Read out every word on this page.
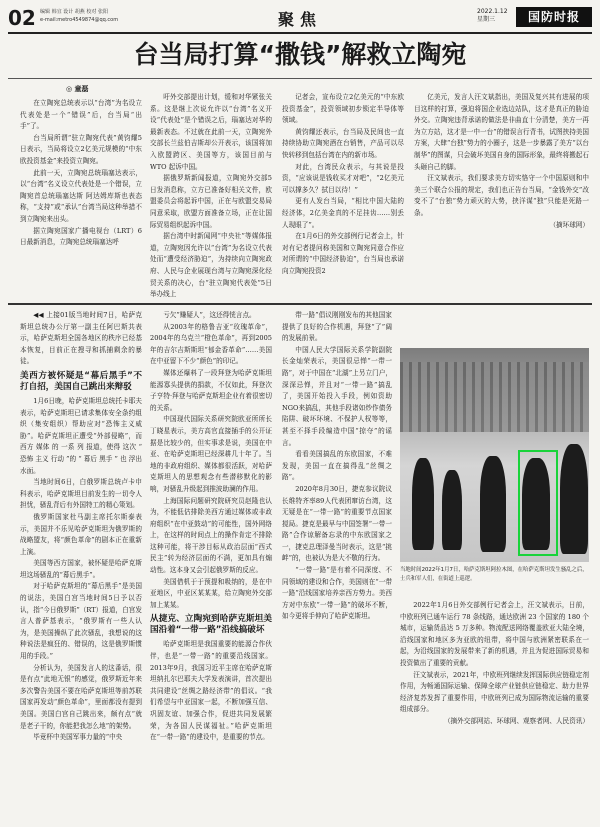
02 编辑 韩宜 设计 胡燕 校对 张阳
e-mail:metro4549874@qq.com	聚焦	2022.1.12
星期三	国防时报
台当局打算“撒钱”解救立陶宛
◎ 童磊

在立陶宛总统表示以“台湾”为名设立代表处是一个“错误”后，台当局“出手”了。

台当局所谓“驻立陶宛代表”黄钧耀5日表示，当局将设立2亿美元规模的“中东欧投资基金”来投资立陶宛。

此前一天，立陶宛总统瑙塞达表示，以“台湾”名义设立代表处是一个错误，立陶宛首总统瑙塞达斯 阿达姆库斯也表态称，“支持”或“承认”台湾当局这种举措不到立陶宛来出头。

据立陶宛国家广播电视台（LRT）6日最新消息，立陶宛总统瑙塞达呼

吁外交部提出计划，缓和对华紧张关系。这是继上次说允许以“台湾”名义开设“代表处”是个错误之后，瑙塞达对华的最新表态。不过就在此前一天，立陶宛外交部长兰兹伯吉斯却公开表示，该国将加入欧盟跨区、美国等方，该国目前与 WTO 起诉中国。

据俄罗斯新闻报道，立陶宛外交部5日发消息称，立方已准备好相关文件，欧盟委员会将起诉中国，正在与欧盟交易局同意采取，欧盟方面准备立场，正在让国际贸易组织起诉中国。

据台湾中时新闻网“中央社”等媒体报道，立陶宛因允许以“台湾”为名设立代表处而“遭受经济胁迫”，为持续向立陶宛政府、人民与企业展现台湾与立陶宛深化经贸关系的决心，台“驻立陶宛代表处”5日举办线上

记者会，宣布设立2亿美元的“中东欧投资基金”，投资领域初步锁定半导体等领域。

黄钧耀还表示，台当局及民间也一直持续协助立陶宛酒在台销售，产品可以尽快转移到包括台湾在内的新市场。

对此，台湾民众表示，与其说是投资，“应该说是钱收买才对吧”，“2亿美元可以撑多久？拭目以待！”

更有人发台当局，“相比中国大陆的经济体，2亿美金真的不足挂齿……别丢人现眼了”。

在1月6日的外交部例行记者会上，针对有记者提问称美国和立陶宛同意合作应对所谓的“中国经济胁迫”，台当局也承诺向立陶宛投资2

亿美元，发言人汪文斌指出，美国及复兴其有进展的项目这样的打算，强迫将国企业选边站队，这才是真正的胁迫外交。立陶宛违背承诺的做法是非曲直十分清楚，美方一再为立方站，这才是一中一台”的错误言行背书，试图挟持美国方案，大肆“台独”势力的小圈子，这是一步暴露了美方“以台制华”的图谋，只会破坏美国自身的国际形象，最终将搬起石头砸自己的脚。

汪文斌表示，我们要求美方切实恪守一个中国原则和中美三个联合公报的规定，我们也正告台当局，“金钱外交”改变不了“台独”势力顽灭的大势，挟洋谋“独”只能是死路一条。

（摘环球网）

◀◀ 上接01版当地时间7日，哈萨克斯坦总统办公厅第一副主任阿巴斯共表示，哈萨克斯坦全国各地区的秩序已经基本恢复，目前正在搜寻和抓捕剩余的暴徒。

美西方被怀疑是“幕后黑手”不打自招，美国自己跳出来辩驳

1月6日晚，哈萨克斯坦总统托卡耶夫表示，哈萨克斯坦已请求集体安全条约组织（集安组织）帮助应对“恐怖主义威胁”。哈萨克斯坦正遭受“外部侵略”，而 西方 媒体 的 一系 列 报道，使得 这次 “ 恐怖 主义 行动 ”的 “ 幕后 黑手 ” 也 浮出 水面。

当地时间6日，白俄罗斯总统卢卡申科表示，哈萨克斯坦目前发生的一切令人担忧，骚乱背后有外国特工的精心策划。

俄罗斯国家杜马副主席托尔斯泰表示，美国并不乐见哈萨克斯坦为俄罗斯的战略盟友，将“颜色革命”的剧本正在重新上演。

美国等西方国家，被怀疑是哈萨克斯坦这场骚乱的“幕后黑手”。

对于哈萨克斯坦的“幕后黑手”是美国的说法，美国白宫当地时间5日予以否认，指“今日俄罗斯”（RT）报道，白宫发言人普萨基表示，“俄罗斯有一些人认为，是美国操纵了此次骚乱，我想说的这种说法是疯狂的、错误的，这是俄罗斯惯用的手段。”

分析认为，美国发言人的这番话，很是有点“此地无银”的感觉，俄罗斯近年来多次警告美国不要在哈萨克斯坦等前苏联国家再发动“颜色革命”，里面都没有提到美国。美国白宫自己跳出来，颇有点“就是老子干的，你能把我怎么地”的架势。

毕竟杯中美国军事力量的“中央

亏欠”赚疑人”，这还得恍言点。

从2003年的格鲁吉亚“玫瑰革命”，2004年的乌克兰“橙色革命”，再到2005年的吉尔吉斯斯坦“郁金香革命”……美国在中亚留下不少“颜色”的印记。

媒体还爆料了一段拜登为哈萨克斯坦能源寡头提供的捐款，不仅如此，拜登次子亨特·拜登与哈萨克斯坦企业有着很密切的关系。

中国现代国际关系研究院欧亚所所长丁晓星表示，美方高官直接插手的公开证据是比较少的，但实事求是说，美国在中亚、在哈萨克斯坦已经深耕几十年了。当地的非政府组织、媒体都很活跃，对哈萨克斯坦人的思想观念有些潜移默化的影响，对骚乱升级起到推波助澜的作用。

上海国际问题研究院研究员赵隆也认为，不能低估排除美西方通过媒体或非政府组织“在中亚鼓动”的可能性，国外网络上，在这样的时间点上的操作肯定不排除这种可能，将干涉目标从政治层面“西式民主”转为经济层面的不满，更加具有煽动性。这本身又会引起俄罗斯的反应。

美国借机于于预提和吸纳的，是在中亚地区，中亚区某某某，给立陶宛外交部加上某某。

从捷克、立陶宛到哈萨克斯坦美国沿着“一带一路”沿线搞破坏

哈萨克斯坦是我国重要的能源合作伙伴，也是“一带一路”的重要沿线国家。2013年9月，我国习近平主席在哈萨克斯坦纳扎尔巴耶夫大学发表演讲，首次提出共同建设“丝绸之路经济带”的倡议。“我们希望与中亚国家一起，不断加强互信、巩固友谊、加强合作，促进共同发展繁荣，为各国人民谋福祉。”哈萨克斯坦在“一带一路”的建设中，是重要的节点。

带一路”倡议刚刚发布的其他国家提供了良好的合作机遇，拜登“了”阔的发展前景。

中国人民大学国际关系学院副院长金灿荣表示，美国很忌惮“一带一路”，对于中国在“北湖”上另立门户，深深忌惮，并且对“一带一路”搞乱了，美国开始投入手段，例如资助NGO来搞乱，其他手段诸如炒作债务陷阱、破坏环境、不保护人权等等，甚至不择手段编造中国“掠夺”的谣言。

看看美国搞乱的东欧国家，不难发现，美国一直在搞得乱“丝绸之路”。

2020年8月30日，捷克参议院议长维特齐率89人代表团窜访台湾，这无疑是在“一带一路”的重要节点国家搅局。捷克是最早与中国签署“一带一路”合作谅解备忘录的中东欧国家之一，捷克总理泽曼当时表示，这是“挑衅”的，也被认为是大不敬的行为。

“一带一路”是有着不同深度、不同领域的建设和合作，美国则在“一带一路”沿线国家培养亲西方势力。美西方对中东欧“一带一路”的破坏不断，如今更将手伸向了哈萨克斯坦。

当地时间2022年1月7日，哈萨克斯坦阿拉木图，在哈萨克斯坦发生骚乱之后，士兵和军人们，在街道上巡逻。

2022年1月6日外交部例行记者会上，汪文斌表示，日前，中欧班列已通车运行 78 条线路，通达欧洲 23 个国家的 180 个城市，运输货品达 5 万多种。物流配送网络覆盖欧亚大陆全境，沿线国家和地区多为亚欧的纽带，将中国与欧洲紧密联系在一起，为沿线国家的发展带来了新的机遇，并且为促进国际贸易和投资做出了重要的贡献。

汪文斌表示，2021年，中欧班列继续发挥国际供应链稳定剂作用，为畅通国际运输、保障全球产业链供应链稳定、助力世界经济复苏发挥了重要作用，中欧班列已成为国际物流运输的重要组成部分。

（摘外交部网站、环球网、观察者网、人民资讯）
